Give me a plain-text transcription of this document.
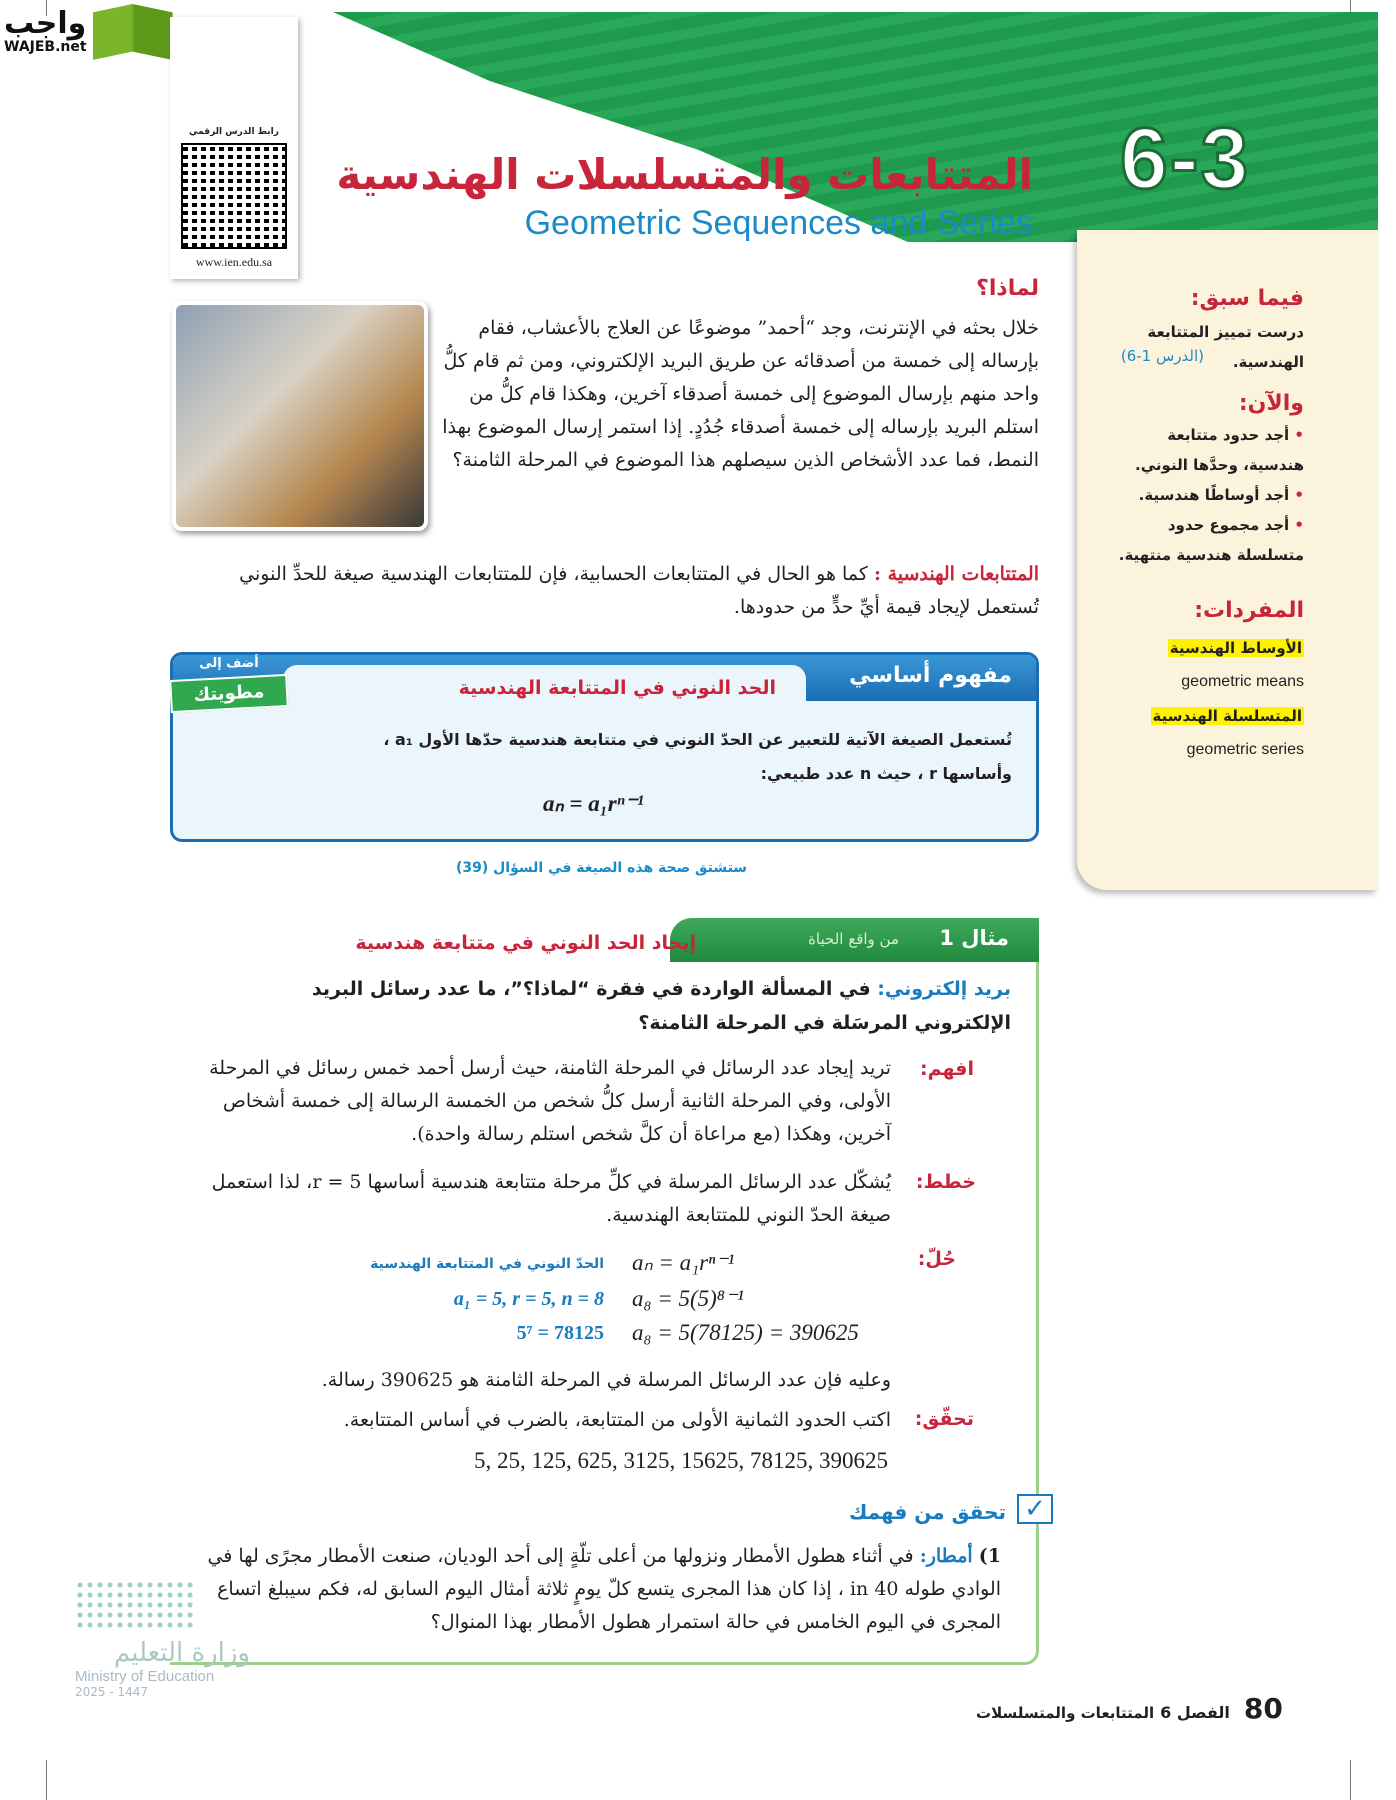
6-3
المتتابعات والمتسلسلات الهندسية
Geometric Sequences and Series
واجب
WAJEB.net
رابط الدرس الرقمي
www.ien.edu.sa
فيما سبق:
درست تمييز المتتابعة الهندسية.
(الدرس 1-6)
والآن:
• أجد حدود متتابعة هندسية، وحدَّها النوني.
• أجد أوساطًا هندسية.
• أجد مجموع حدود متسلسلة هندسية منتهية.
المفردات:
الأوساط الهندسية
geometric means
المتسلسلة الهندسية
geometric series
لماذا؟
خلال بحثه في الإنترنت، وجد “أحمد” موضوعًا عن العلاج بالأعشاب، فقام بإرساله إلى خمسة من أصدقائه عن طريق البريد الإلكتروني، ومن ثم قام كلُّ واحد منهم بإرسال الموضوع إلى خمسة أصدقاء آخرين، وهكذا قام كلُّ من استلم البريد بإرساله إلى خمسة أصدقاء جُدُدٍ. إذا استمر إرسال الموضوع بهذا النمط، فما عدد الأشخاص الذين سيصلهم هذا الموضوع في المرحلة الثامنة؟
المتتابعات الهندسية : كما هو الحال في المتتابعات الحسابية، فإن للمتتابعات الهندسية صيغة للحدِّ النوني تُستعمل لإيجاد قيمة أيِّ حدٍّ من حدودها.
مفهوم أساسي
الحد النوني في المتتابعة الهندسية
تُستعمل الصيغة الآتية للتعبير عن الحدّ النوني في متتابعة هندسية حدّها الأول a₁ ،
وأساسها r ، حيث n عدد طبيعي:
aₙ = a₁rⁿ⁻¹
أضف إلى
مطويتك
ستشتق صحة هذه الصيغة في السؤال (39)
مثال 1
من واقع الحياة
إيجاد الحد النوني في متتابعة هندسية
بريد إلكتروني: في المسألة الواردة في فقرة “لماذا؟”، ما عدد رسائل البريد الإلكتروني المرسَلة في المرحلة الثامنة؟
افهم:
تريد إيجاد عدد الرسائل في المرحلة الثامنة، حيث أرسل أحمد خمس رسائل في المرحلة الأولى، وفي المرحلة الثانية أرسل كلُّ شخص من الخمسة الرسالة إلى خمسة أشخاص آخرين، وهكذا (مع مراعاة أن كلَّ شخص استلم رسالة واحدة).
خطط:
يُشكّل عدد الرسائل المرسلة في كلِّ مرحلة متتابعة هندسية أساسها r = 5، لذا استعمل صيغة الحدّ النوني للمتتابعة الهندسية.
حُلّ:
aₙ = a₁rⁿ⁻¹
الحدّ النوني في المتتابعة الهندسية
a₈ = 5(5)⁸⁻¹
a₁ = 5, r = 5, n = 8
a₈ = 5(78125) = 390625
5⁷ = 78125
وعليه فإن عدد الرسائل المرسلة في المرحلة الثامنة هو 390625 رسالة.
تحقّق:
اكتب الحدود الثمانية الأولى من المتتابعة، بالضرب في أساس المتتابعة.
5, 25, 125, 625, 3125, 15625, 78125, 390625
✓
تحقق من فهمك
1) أمطار: في أثناء هطول الأمطار ونزولها من أعلى تلّةٍ إلى أحد الوديان، صنعت الأمطار مجرًى لها في الوادي طوله 40 in ، إذا كان هذا المجرى يتسع كلّ يومٍ ثلاثة أمثال اليوم السابق له، فكم سيبلغ اتساع المجرى في اليوم الخامس في حالة استمرار هطول الأمطار بهذا المنوال؟
وزارة التعليم
Ministry of Education
2025 - 1447	80
الفصل 6
المتتابعات والمتسلسلات
